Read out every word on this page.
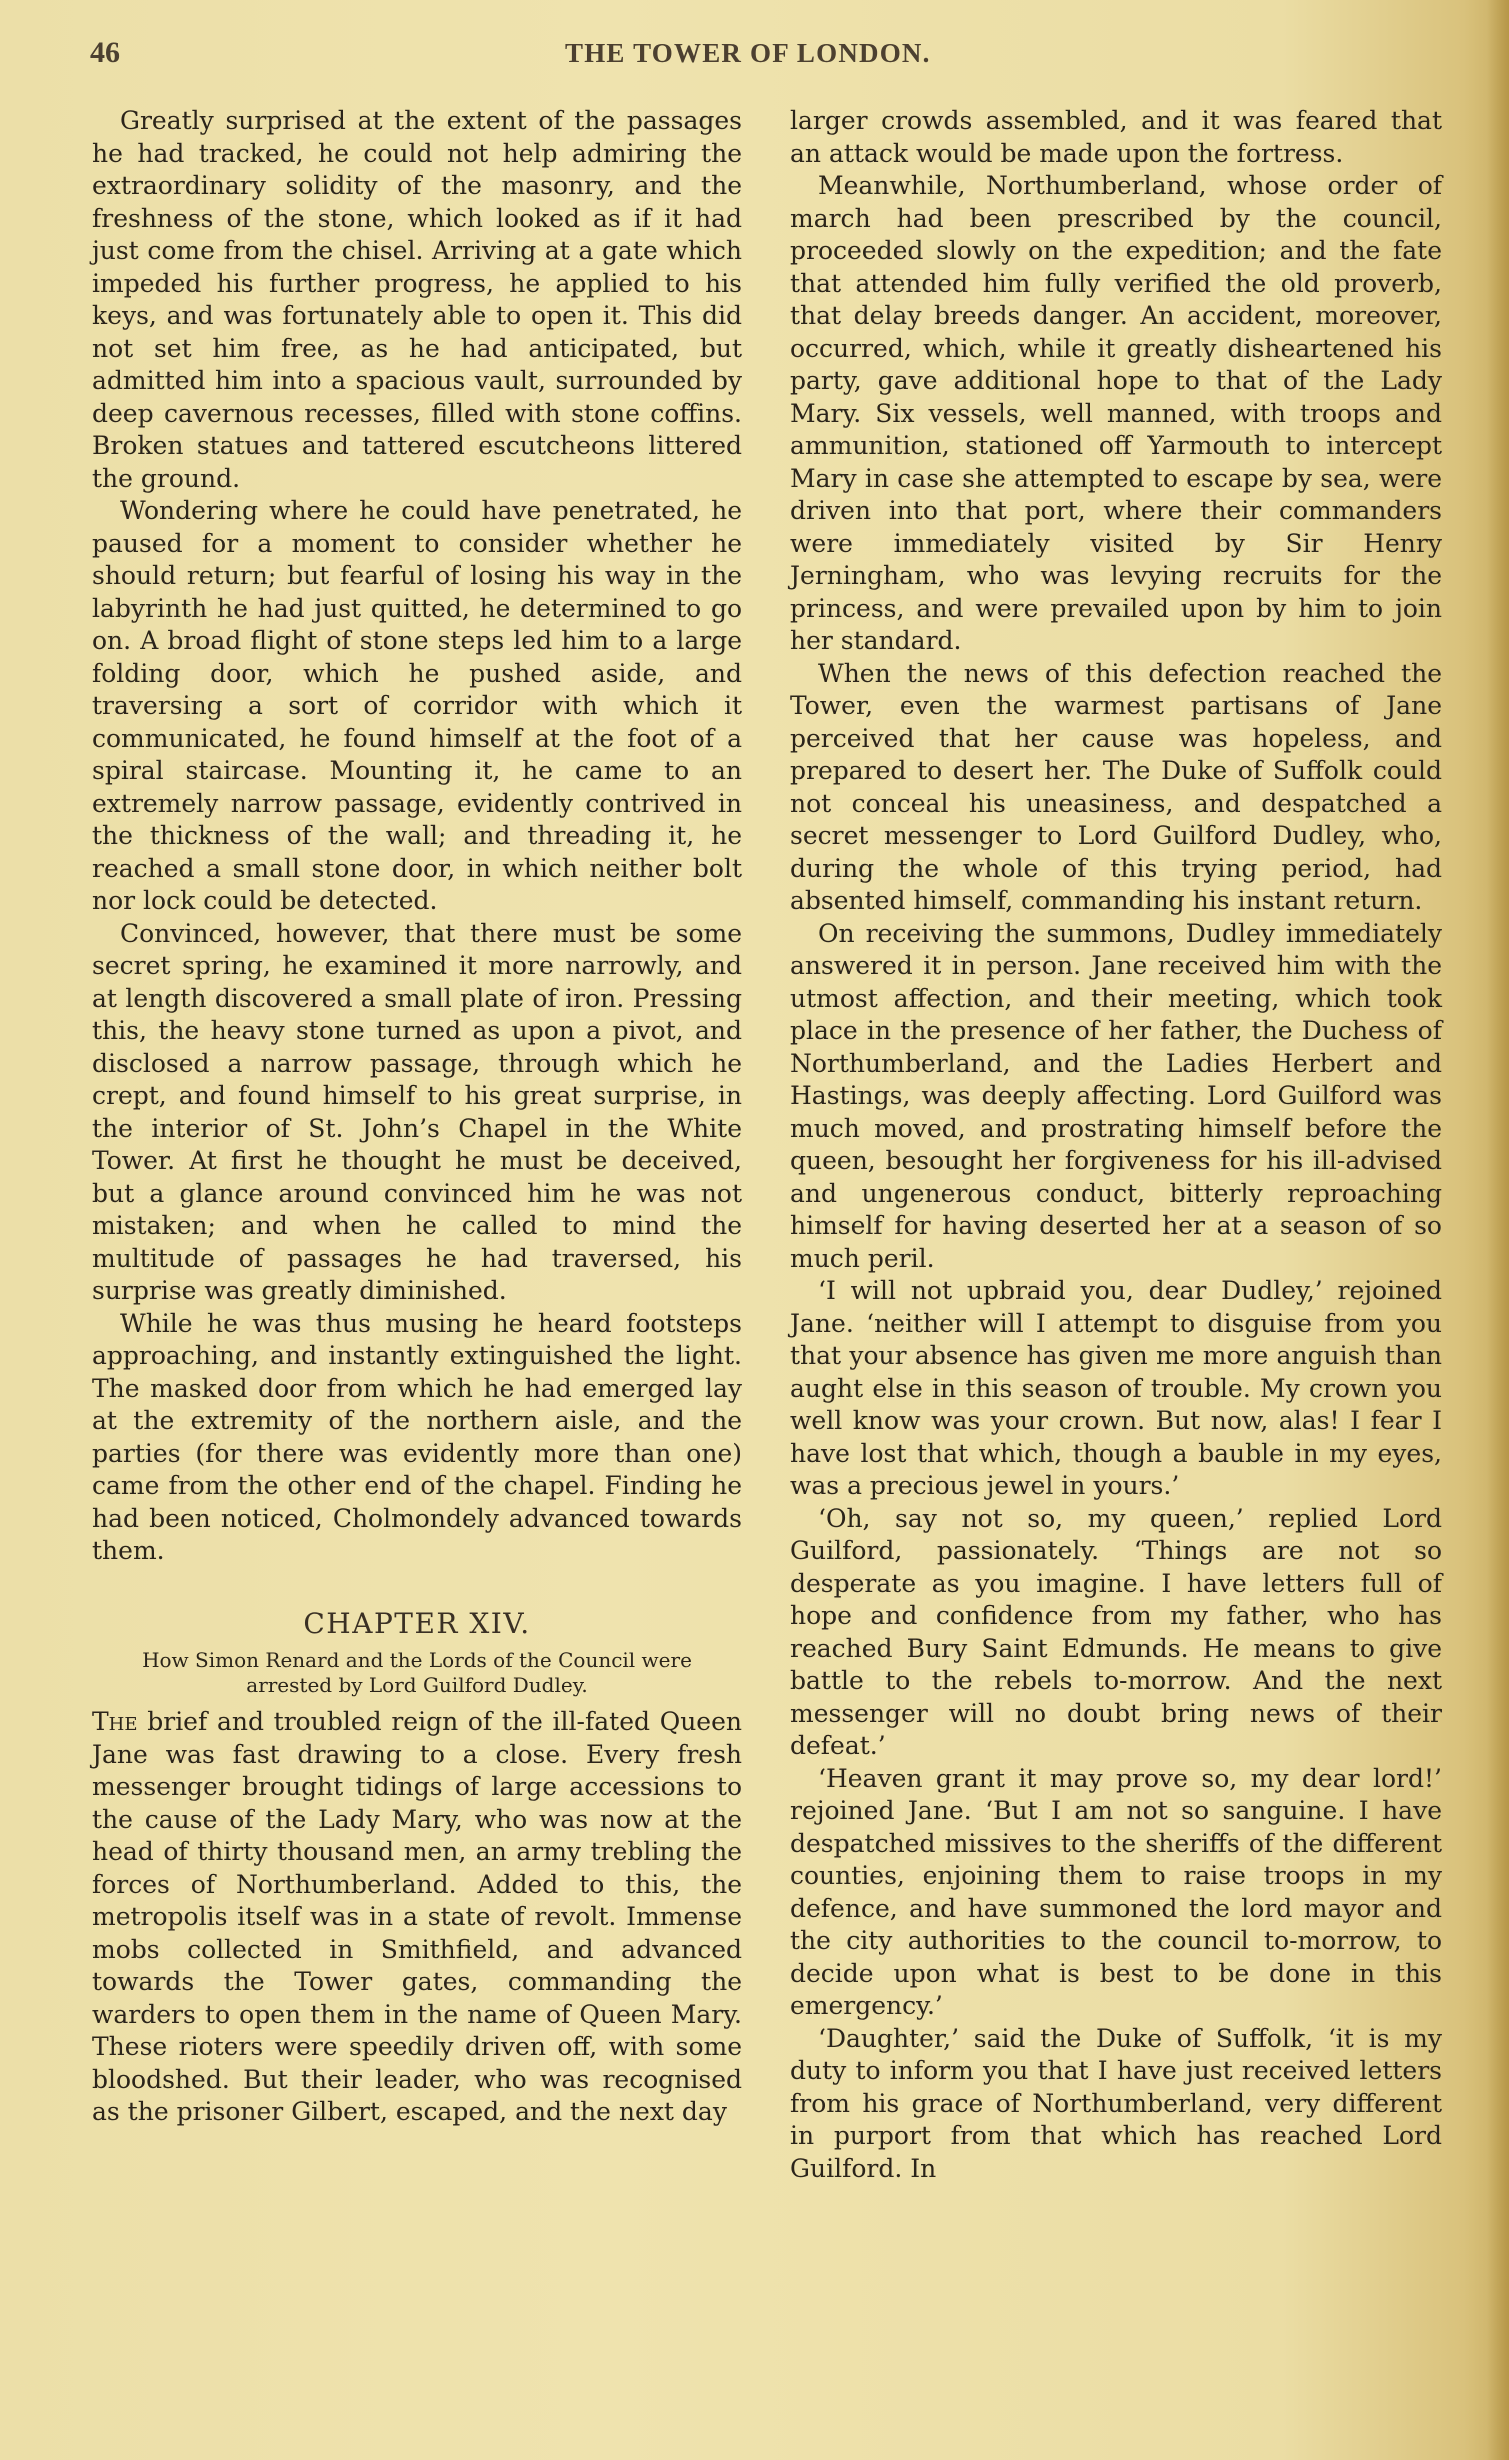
46	THE TOWER OF LONDON.

Greatly surprised at the extent of the passages he had tracked, he could not help admiring the extraordinary solidity of the masonry, and the freshness of the stone, which looked as if it had just come from the chisel. Arriving at a gate which impeded his further progress, he applied to his keys, and was fortunately able to open it. This did not set him free, as he had anticipated, but admitted him into a spacious vault, surrounded by deep cavernous recesses, filled with stone coffins. Broken statues and tattered escutcheons littered the ground.

Wondering where he could have penetrated, he paused for a moment to consider whether he should return; but fearful of losing his way in the labyrinth he had just quitted, he determined to go on. A broad flight of stone steps led him to a large folding door, which he pushed aside, and traversing a sort of corridor with which it communicated, he found himself at the foot of a spiral staircase. Mounting it, he came to an extremely narrow passage, evidently contrived in the thickness of the wall; and threading it, he reached a small stone door, in which neither bolt nor lock could be detected.

Convinced, however, that there must be some secret spring, he examined it more narrowly, and at length discovered a small plate of iron. Pressing this, the heavy stone turned as upon a pivot, and disclosed a narrow passage, through which he crept, and found himself to his great surprise, in the interior of St. John’s Chapel in the White Tower. At first he thought he must be deceived, but a glance around convinced him he was not mistaken; and when he called to mind the multitude of passages he had traversed, his surprise was greatly diminished.

While he was thus musing he heard footsteps approaching, and instantly extinguished the light. The masked door from which he had emerged lay at the extremity of the northern aisle, and the parties (for there was evidently more than one) came from the other end of the chapel. Finding he had been noticed, Cholmondely advanced towards them.

CHAPTER XIV.
How Simon Renard and the Lords of the Council were arrested by Lord Guilford Dudley.

The brief and troubled reign of the ill-fated Queen Jane was fast drawing to a close. Every fresh messenger brought tidings of large accessions to the cause of the Lady Mary, who was now at the head of thirty thousand men, an army trebling the forces of Northumberland. Added to this, the metropolis itself was in a state of revolt. Immense mobs collected in Smithfield, and advanced towards the Tower gates, commanding the warders to open them in the name of Queen Mary. These rioters were speedily driven off, with some bloodshed. But their leader, who was recognised as the prisoner Gilbert, escaped, and the next day

larger crowds assembled, and it was feared that an attack would be made upon the fortress.

Meanwhile, Northumberland, whose order of march had been prescribed by the council, proceeded slowly on the expedition; and the fate that attended him fully verified the old proverb, that delay breeds danger. An accident, moreover, occurred, which, while it greatly disheartened his party, gave additional hope to that of the Lady Mary. Six vessels, well manned, with troops and ammunition, stationed off Yarmouth to intercept Mary in case she attempted to escape by sea, were driven into that port, where their commanders were immediately visited by Sir Henry Jerningham, who was levying recruits for the princess, and were prevailed upon by him to join her standard.

When the news of this defection reached the Tower, even the warmest partisans of Jane perceived that her cause was hopeless, and prepared to desert her. The Duke of Suffolk could not conceal his uneasiness, and despatched a secret messenger to Lord Guilford Dudley, who, during the whole of this trying period, had absented himself, commanding his instant return.

On receiving the summons, Dudley immediately answered it in person. Jane received him with the utmost affection, and their meeting, which took place in the presence of her father, the Duchess of Northumberland, and the Ladies Herbert and Hastings, was deeply affecting. Lord Guilford was much moved, and prostrating himself before the queen, besought her forgiveness for his ill-advised and ungenerous conduct, bitterly reproaching himself for having deserted her at a season of so much peril.

‘I will not upbraid you, dear Dudley,’ rejoined Jane. ‘neither will I attempt to disguise from you that your absence has given me more anguish than aught else in this season of trouble. My crown you well know was your crown. But now, alas! I fear I have lost that which, though a bauble in my eyes, was a precious jewel in yours.’

‘Oh, say not so, my queen,’ replied Lord Guilford, passionately. ‘Things are not so desperate as you imagine. I have letters full of hope and confidence from my father, who has reached Bury Saint Edmunds. He means to give battle to the rebels to-morrow. And the next messenger will no doubt bring news of their defeat.’

‘Heaven grant it may prove so, my dear lord!’ rejoined Jane. ‘But I am not so sanguine. I have despatched missives to the sheriffs of the different counties, enjoining them to raise troops in my defence, and have summoned the lord mayor and the city authorities to the council to-morrow, to decide upon what is best to be done in this emergency.’

‘Daughter,’ said the Duke of Suffolk, ‘it is my duty to inform you that I have just received letters from his grace of Northumberland, very different in purport from that which has reached Lord Guilford. In
